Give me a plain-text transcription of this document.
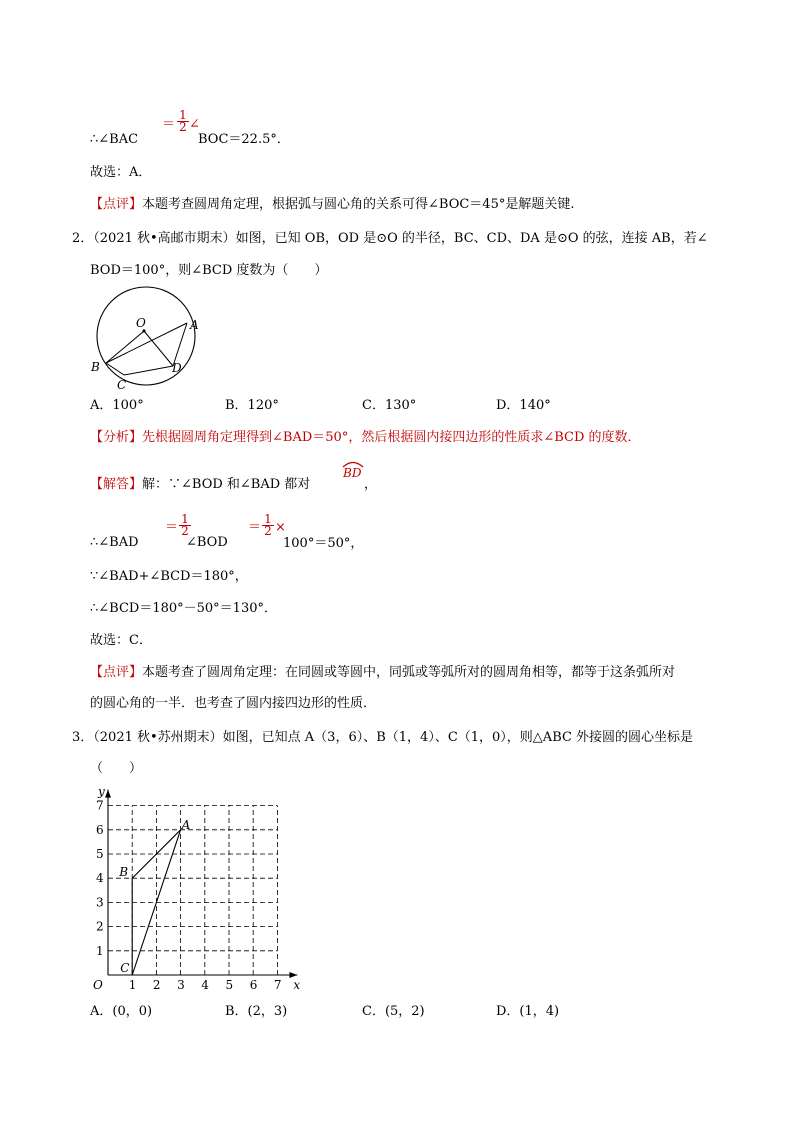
∴∠BAC
＝ $\frac{1}{2}$ ∠
BOC＝22.5°．
故选：A．
【点评】本题考查圆周角定理，根据弧与圆心角的关系可得∠BOC＝45°是解题关键.
2．（2021 秋•高邮市期末）如图，已知 OB，OD 是⊙O 的半径，BC、CD、DA 是⊙O 的弦，连接 AB，若∠
BOD＝100°，则∠BCD 度数为（　　）
O	A
B
C
D
A．100°	B．120°	C．130°	D．140°
【分析】先根据圆周角定理得到∠BAD＝50°，然后根据圆内接四边形的性质求∠BCD 的度数．
【解答】解：∵∠BOD 和∠BAD 都对
BD
，
∴∠BAD
＝ $\frac{1}{2}$
∠BOD
＝ $\frac{1}{2}$ ×
100°＝50°，
∵∠BAD+∠BCD＝180°，
∴∠BCD＝180°－50°＝130°．
故选：C．
【点评】本题考查了圆周角定理：在同圆或等圆中，同弧或等弧所对的圆周角相等，都等于这条弧所对
的圆心角的一半．也考查了圆内接四边形的性质．
3．（2021 秋•苏州期末）如图，已知点 A（3，6）、B（1，4）、C（1，0），则△ABC 外接圆的圆心坐标是
（　　）
1 2 3 4 5 6 7
1
2
3
4
5
6
7
O	x
y
A
B
C
A．(0，0)	B．(2，3)	C．(5，2)	D．(1，4)
